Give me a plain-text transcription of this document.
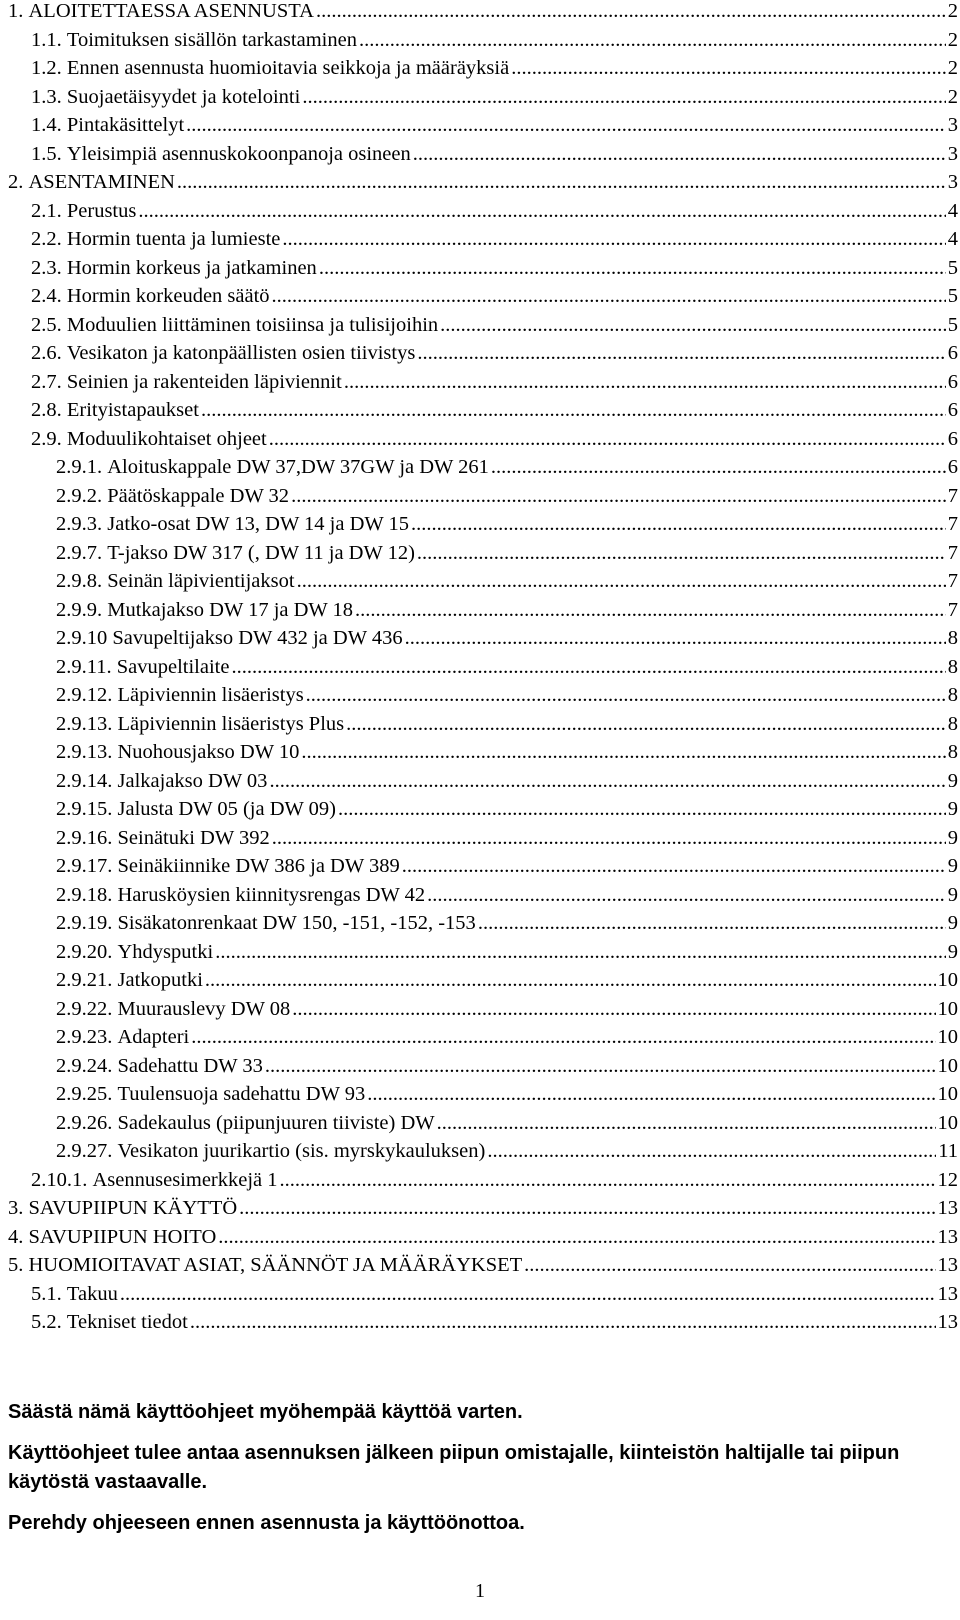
1.
ALOITETTAESSA ASENNUSTA .....	2
1.1.
Toimituksen sisällön tarkastaminen .....	2
1.2.
Ennen asennusta huomioitavia seikkoja ja määräyksiä .....	2
1.3.
Suojaetäisyydet ja kotelointi .....	2
1.4.
Pintakäsittelyt .....	3
1.5.
Yleisimpiä asennuskokoonpanoja osineen .....	3
2.
ASENTAMINEN .....	3
2.1.
Perustus .....	4
2.2.
Hormin tuenta ja lumieste .....	4
2.3.
Hormin korkeus ja jatkaminen .....	5
2.4.
Hormin korkeuden säätö .....	5
2.5.
Moduulien liittäminen toisiinsa ja tulisijoihin .....	5
2.6.
Vesikaton ja katonpäällisten osien tiivistys .....	6
2.7.
Seinien ja rakenteiden läpiviennit .....	6
2.8.
Erityistapaukset .....	6
2.9.
Moduulikohtaiset ohjeet .....	6
2.9.1.
Aloituskappale DW 37,DW 37GW ja DW 261 .....	6
2.9.2.
Päätöskappale DW 32 .....	7
2.9.3.
Jatko-osat DW 13, DW 14 ja DW 15 .....	7
2.9.7.
T-jakso DW 317 (, DW 11 ja DW 12) .....	7
2.9.8.
Seinän läpivientijaksot .....	7
2.9.9.
Mutkajakso DW 17 ja DW 18 .....	7
2.9.10
Savupeltijakso DW 432 ja DW 436 .....	8
2.9.11.
Savupeltilaite .....	8
2.9.12.
Läpiviennin lisäeristys .....	8
2.9.13.
Läpiviennin lisäeristys Plus .....	8
2.9.13.
Nuohousjakso DW 10 .....	8
2.9.14.
Jalkajakso DW 03 .....	9
2.9.15.
Jalusta DW 05 (ja DW 09) .....	9
2.9.16.
Seinätuki DW 392 .....	9
2.9.17.
Seinäkiinnike DW 386 ja DW 389 .....	9
2.9.18.
Harusköysien kiinnitysrengas DW 42 .....	9
2.9.19.
Sisäkatonrenkaat DW 150, -151, -152, -153 .....	9
2.9.20.
Yhdysputki .....	9
2.9.21.
Jatkoputki .....	10
2.9.22.
Muurauslevy DW 08 .....	10
2.9.23.
Adapteri .....	10
2.9.24.
Sadehattu DW 33 .....	10
2.9.25.
Tuulensuoja sadehattu DW 93 .....	10
2.9.26.
Sadekaulus (piipunjuuren tiiviste) DW .....	10
2.9.27.
Vesikaton juurikartio (sis. myrskykauluksen) .....	11
2.10.1.
Asennusesimerkkejä 1 .....	12
3.
SAVUPIIPUN KÄYTTÖ .....	13
4.
SAVUPIIPUN HOITO .....	13
5.
HUOMIOITAVAT ASIAT, SÄÄNNÖT JA MÄÄRÄYKSET .....	13
5.1.
Takuu .....	13
5.2.
Tekniset tiedot .....	13

Säästä nämä käyttöohjeet myöhempää käyttöä varten.

Käyttöohjeet tulee antaa asennuksen jälkeen piipun omistajalle, kiinteistön haltijalle tai piipun käytöstä vastaavalle.

Perehdy ohjeeseen ennen asennusta ja käyttöönottoa.

1
